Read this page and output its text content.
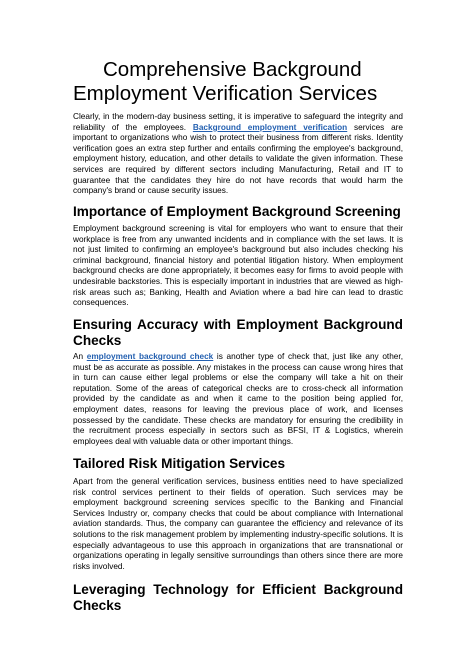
Comprehensive Background
Employment Verification Services

Clearly, in the modern-day business setting, it is imperative to safeguard the integrity and reliability of the employees. Background employment verification services are important to organizations who wish to protect their business from different risks. Identity verification goes an extra step further and entails confirming the employee's background, employment history, education, and other details to validate the given information. These services are required by different sectors including Manufacturing, Retail and IT to guarantee that the candidates they hire do not have records that would harm the company's brand or cause security issues.

Importance of Employment Background Screening

Employment background screening is vital for employers who want to ensure that their workplace is free from any unwanted incidents and in compliance with the set laws. It is not just limited to confirming an employee's background but also includes checking his criminal background, financial history and potential litigation history. When employment background checks are done appropriately, it becomes easy for firms to avoid people with undesirable backstories. This is especially important in industries that are viewed as high-risk areas such as; Banking, Health and Aviation where a bad hire can lead to drastic consequences.

Ensuring Accuracy with Employment Background
Checks

An employment background check is another type of check that, just like any other, must be as accurate as possible. Any mistakes in the process can cause wrong hires that in turn can cause either legal problems or else the company will take a hit on their reputation. Some of the areas of categorical checks are to cross-check all information provided by the candidate as and when it came to the position being applied for, employment dates, reasons for leaving the previous place of work, and licenses possessed by the candidate. These checks are mandatory for ensuring the credibility in the recruitment process especially in sectors such as BFSI, IT & Logistics, wherein employees deal with valuable data or other important things.

Tailored Risk Mitigation Services

Apart from the general verification services, business entities need to have specialized risk control services pertinent to their fields of operation. Such services may be employment background screening services specific to the Banking and Financial Services Industry or, company checks that could be about compliance with International aviation standards. Thus, the company can guarantee the efficiency and relevance of its solutions to the risk management problem by implementing industry-specific solutions. It is especially advantageous to use this approach in organizations that are transnational or organizations operating in legally sensitive surroundings than others since there are more risks involved.

Leveraging Technology for Efficient Background
Checks
